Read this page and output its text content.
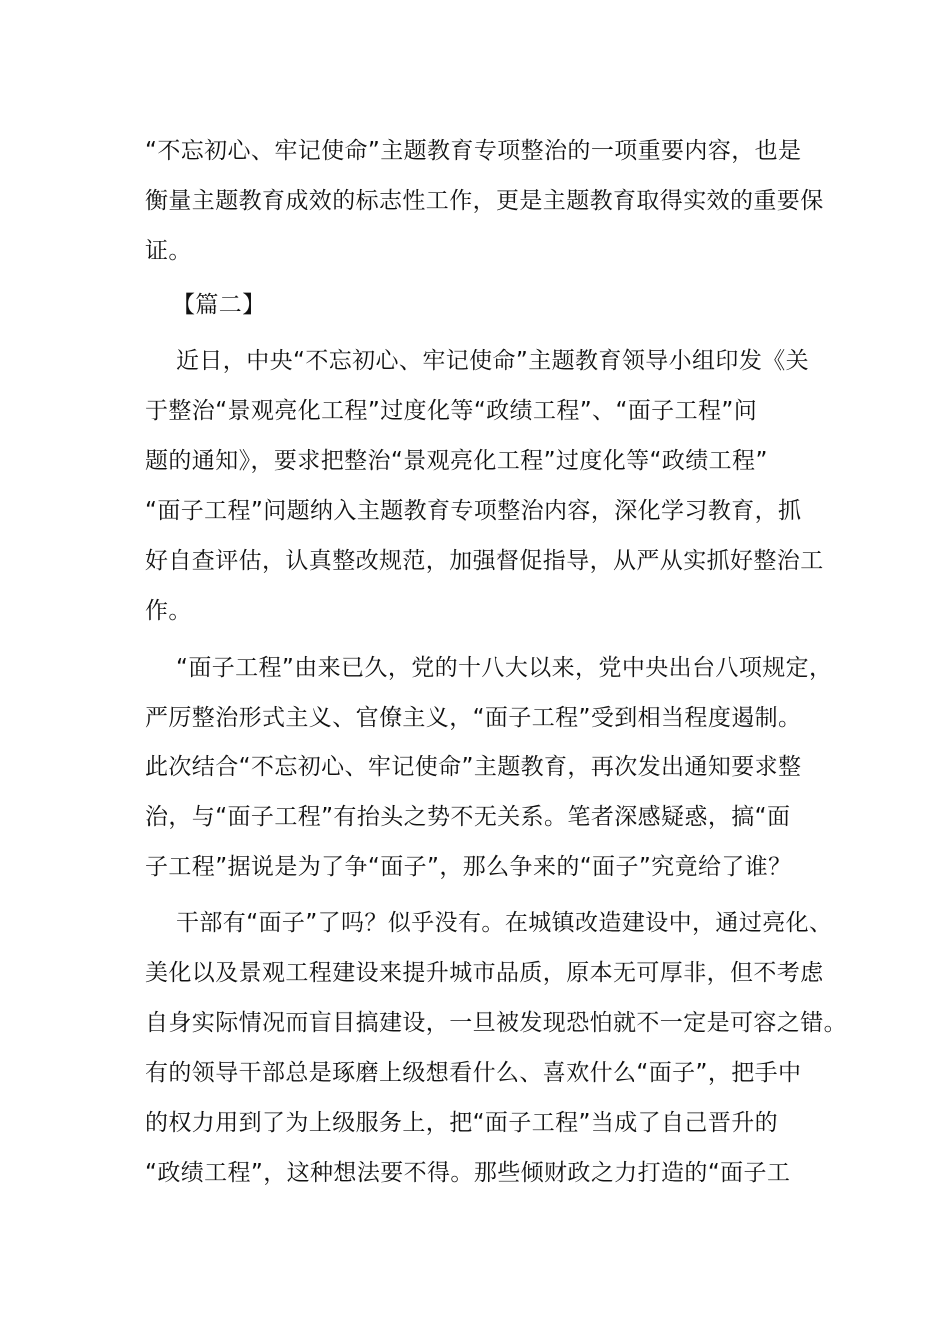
“不忘初心、牢记使命”主题教育专项整治的一项重要内容，也是
衡量主题教育成效的标志性工作，更是主题教育取得实效的重要保
证。
【篇二】
近日，中央“不忘初心、牢记使命”主题教育领导小组印发《关
于整治“景观亮化工程”过度化等“政绩工程”、“面子工程”问
题的通知》，要求把整治“景观亮化工程”过度化等“政绩工程”
“面子工程”问题纳入主题教育专项整治内容，深化学习教育，抓
好自查评估，认真整改规范，加强督促指导，从严从实抓好整治工
作。
“面子工程”由来已久，党的十八大以来，党中央出台八项规定，
严厉整治形式主义、官僚主义，“面子工程”受到相当程度遏制。
此次结合“不忘初心、牢记使命”主题教育，再次发出通知要求整
治，与“面子工程”有抬头之势不无关系。笔者深感疑惑，搞“面
子工程”据说是为了争“面子”，那么争来的“面子”究竟给了谁？
干部有“面子”了吗？似乎没有。在城镇改造建设中，通过亮化、
美化以及景观工程建设来提升城市品质，原本无可厚非，但不考虑
自身实际情况而盲目搞建设，一旦被发现恐怕就不一定是可容之错。
有的领导干部总是琢磨上级想看什么、喜欢什么“面子”，把手中
的权力用到了为上级服务上，把“面子工程”当成了自己晋升的
“政绩工程”，这种想法要不得。那些倾财政之力打造的“面子工
